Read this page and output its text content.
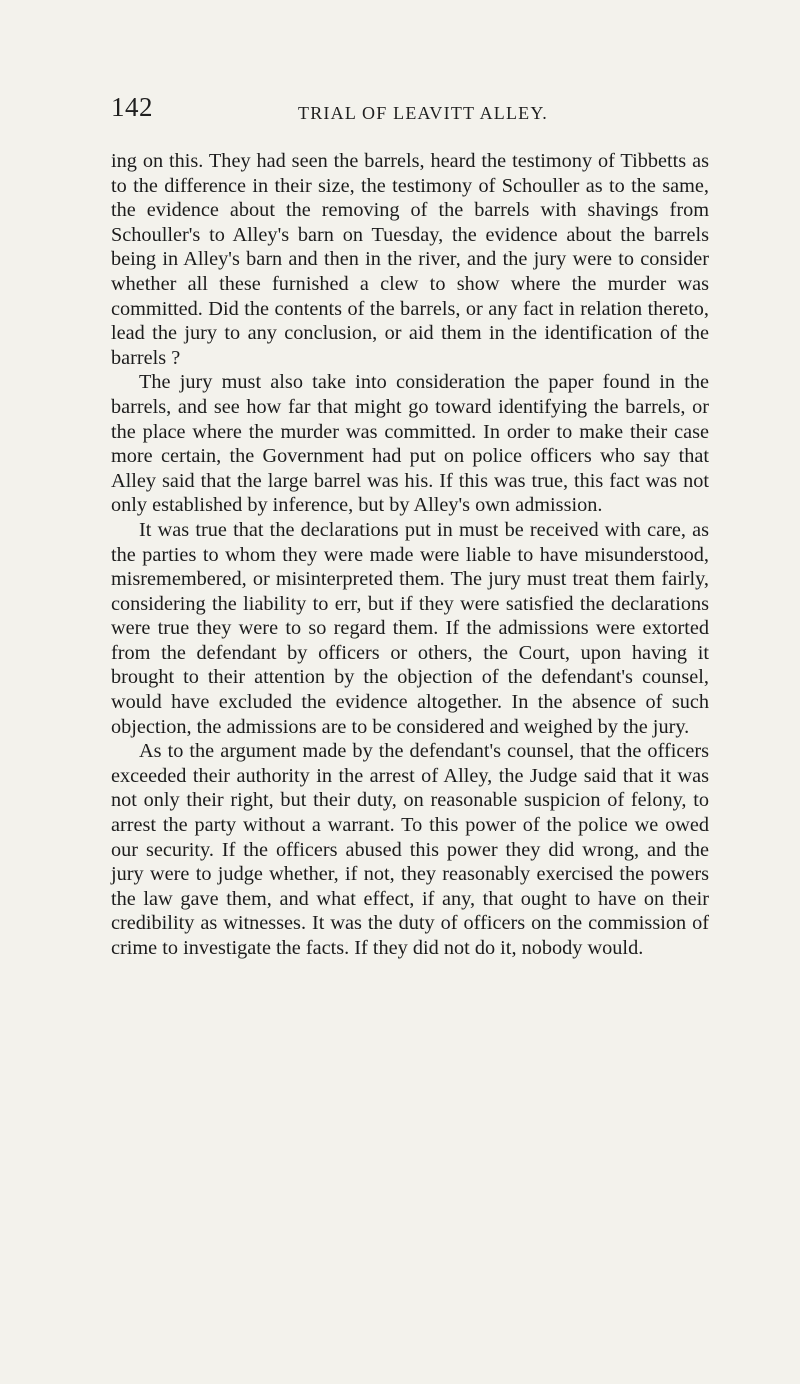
142	TRIAL OF LEAVITT ALLEY.

ing on this. They had seen the barrels, heard the testimony of Tibbetts as to the difference in their size, the testimony of Schouller as to the same, the evidence about the removing of the barrels with shavings from Schouller's to Alley's barn on Tuesday, the evidence about the barrels being in Alley's barn and then in the river, and the jury were to consider whether all these furnished a clew to show where the murder was committed. Did the contents of the barrels, or any fact in relation thereto, lead the jury to any conclusion, or aid them in the identification of the barrels ?

The jury must also take into consideration the paper found in the barrels, and see how far that might go toward identifying the barrels, or the place where the murder was committed. In order to make their case more certain, the Government had put on police officers who say that Alley said that the large barrel was his. If this was true, this fact was not only established by inference, but by Alley's own admission.

It was true that the declarations put in must be received with care, as the parties to whom they were made were liable to have misunderstood, misremembered, or misinterpreted them. The jury must treat them fairly, considering the liability to err, but if they were satisfied the declarations were true they were to so regard them. If the admissions were extorted from the defendant by officers or others, the Court, upon having it brought to their attention by the objection of the defendant's counsel, would have excluded the evidence altogether. In the absence of such objection, the admissions are to be considered and weighed by the jury.

As to the argument made by the defendant's counsel, that the officers exceeded their authority in the arrest of Alley, the Judge said that it was not only their right, but their duty, on reasonable suspicion of felony, to arrest the party without a warrant. To this power of the police we owed our security. If the officers abused this power they did wrong, and the jury were to judge whether, if not, they reasonably exercised the powers the law gave them, and what effect, if any, that ought to have on their credibility as witnesses. It was the duty of officers on the commission of crime to investigate the facts. If they did not do it, nobody would.
